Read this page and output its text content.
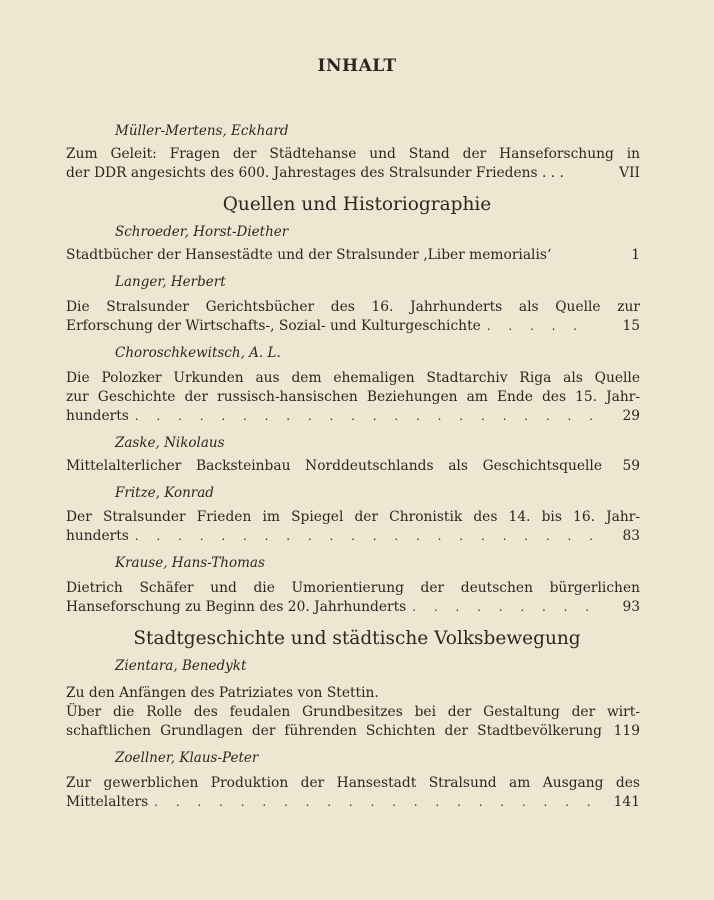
INHALT
Müller-Mertens, Eckhard
Zum Geleit: Fragen der Städtehanse und Stand der Hanseforschung in
der DDR angesichts des 600. Jahrestages des Stralsunder Friedens . . .	VII
Quellen und Historiographie
Schroeder, Horst-Diether
Stadtbücher der Hansestädte und der Stralsunder ‚Liber memorialis‘	1
Langer, Herbert
Die Stralsunder Gerichtsbücher des 16. Jahrhunderts als Quelle zur
Erforschung der Wirtschafts-, Sozial- und Kulturgeschichte . . .	15
Choroschkewitsch, A. L.
Die Polozker Urkunden aus dem ehemaligen Stadtarchiv Riga als Quelle
zur Geschichte der russisch-hansischen Beziehungen am Ende des 15. Jahr-
hunderts . . .	29
Zaske, Nikolaus
Mittelalterlicher Backsteinbau Norddeutschlands als Geschichtsquelle	59
Fritze, Konrad
Der Stralsunder Frieden im Spiegel der Chronistik des 14. bis 16. Jahr-
hunderts . . .	83
Krause, Hans-Thomas
Dietrich Schäfer und die Umorientierung der deutschen bürgerlichen
Hanseforschung zu Beginn des 20. Jahrhunderts . . .	93
Stadtgeschichte und städtische Volksbewegung
Zientara, Benedykt
Zu den Anfängen des Patriziates von Stettin.
Über die Rolle des feudalen Grundbesitzes bei der Gestaltung der wirt-
schaftlichen Grundlagen der führenden Schichten der Stadtbevölkerung 119
Zoellner, Klaus-Peter
Zur gewerblichen Produktion der Hansestadt Stralsund am Ausgang des
Mittelalters . . .	141
